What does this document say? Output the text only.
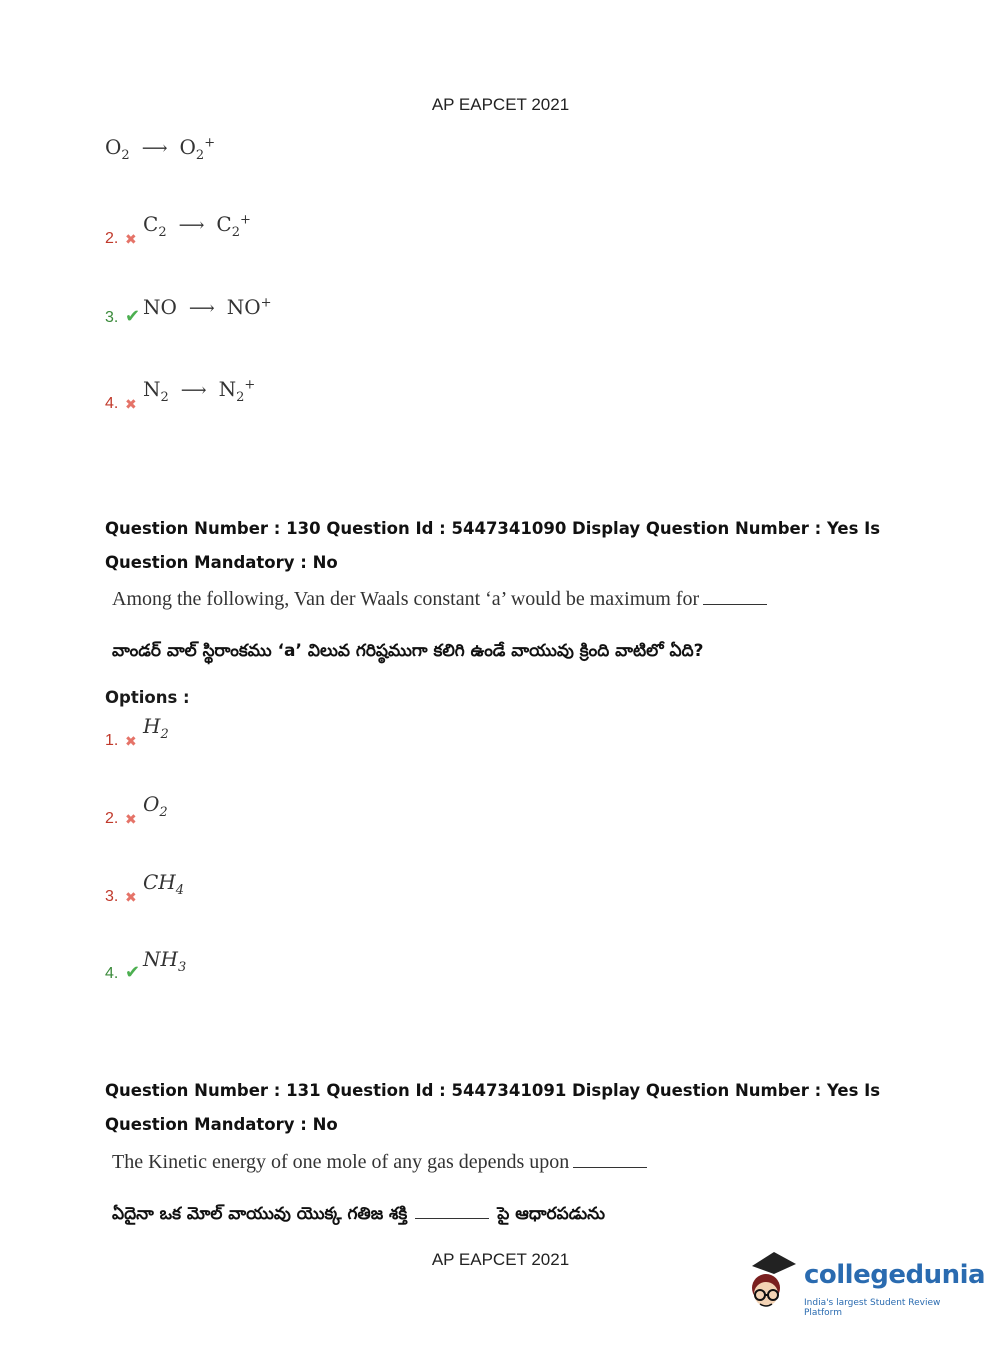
AP EAPCET 2021
$O_2$ ⟶ $O_2^+$
2. ✖
$C_2$ ⟶ $C_2^+$
3. ✔ NO ⟶ NO+
4. ✖
$N_2$ ⟶ $N_2^+$
Question Number : 130 Question Id : 5447341090 Display Question Number : Yes Is Question Mandatory : No
Among the following, Van der Waals constant ‘a’ would be maximum for
వాండర్ వాల్ స్థిరాంకము ‘a’ విలువ గరిష్ఠముగా కలిగి ఉండే వాయువు క్రింది వాటిలో ఏది?
Options :
1. ✖
$H_2$
2. ✖
$O_2$
3. ✖
$CH_4$
4. ✔
$NH_3$
Question Number : 131 Question Id : 5447341091 Display Question Number : Yes Is Question Mandatory : No
The Kinetic energy of one mole of any gas depends upon
ఏదైనా ఒక మోల్ వాయువు యొక్క గతిజ శక్తి	పై ఆధారపడును
AP EAPCET 2021
collegedunia
India's largest Student Review Platform
